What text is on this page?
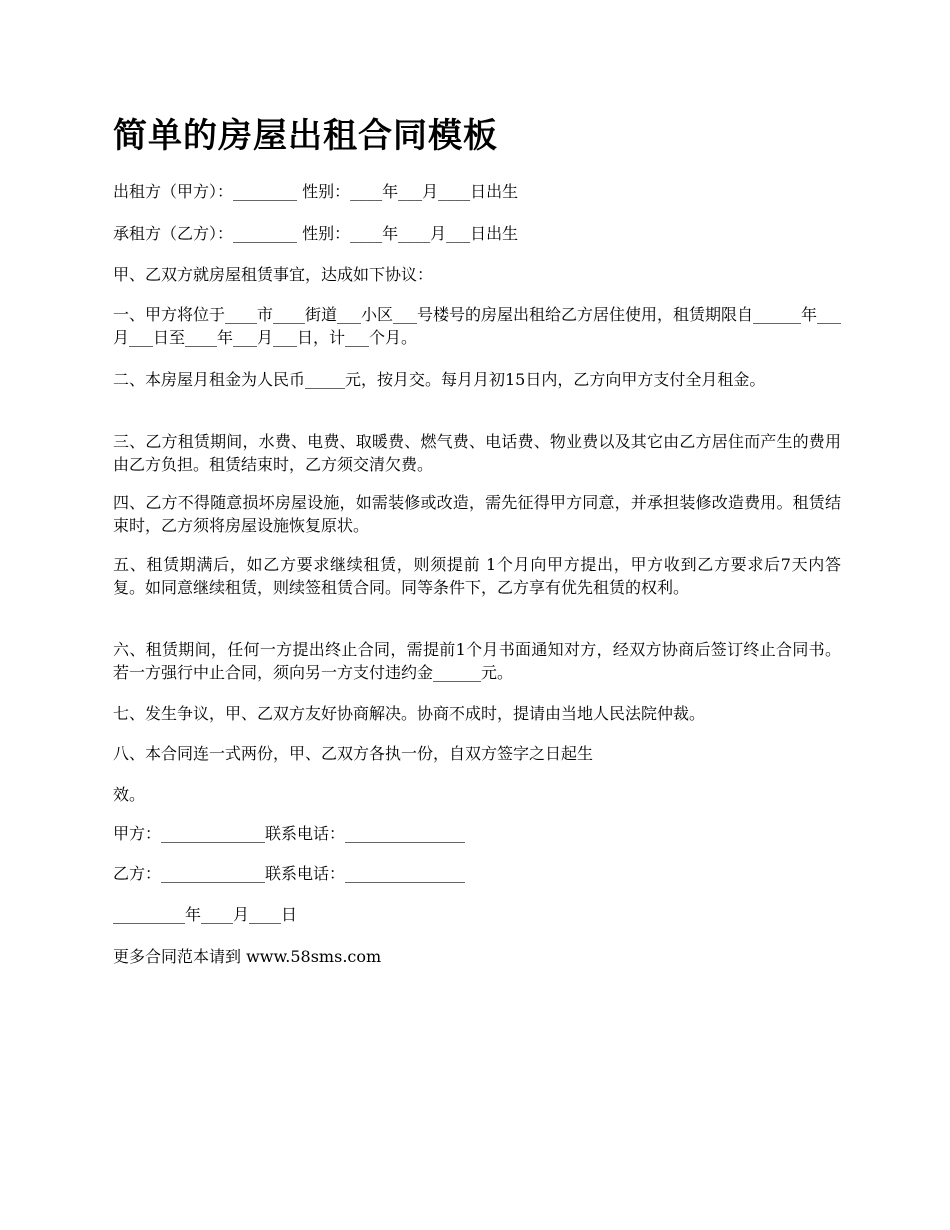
简单的房屋出租合同模板

出租方（甲方）：________ 性别：____年___月____日出生

承租方（乙方）：________ 性别：____年____月___日出生

甲、乙双方就房屋租赁事宜，达成如下协议：

一、甲方将位于____市____街道___小区___号楼号的房屋出租给乙方居住使用，租赁期限自______年___月___日至____年___月___日，计___个月。

二、本房屋月租金为人民币_____元，按月交。每月月初15日内，乙方向甲方支付全月租金。

三、乙方租赁期间，水费、电费、取暖费、燃气费、电话费、物业费以及其它由乙方居住而产生的费用由乙方负担。租赁结束时，乙方须交清欠费。

四、乙方不得随意损坏房屋设施，如需装修或改造，需先征得甲方同意，并承担装修改造费用。租赁结束时，乙方须将房屋设施恢复原状。

五、租赁期满后，如乙方要求继续租赁，则须提前 1个月向甲方提出，甲方收到乙方要求后7天内答复。如同意继续租赁，则续签租赁合同。同等条件下，乙方享有优先租赁的权利。

六、租赁期间，任何一方提出终止合同，需提前1个月书面通知对方，经双方协商后签订终止合同书。若一方强行中止合同，须向另一方支付违约金______元。

七、发生争议，甲、乙双方友好协商解决。协商不成时，提请由当地人民法院仲裁。

八、本合同连一式两份，甲、乙双方各执一份，自双方签字之日起生

效。

甲方：_____________联系电话：_______________

乙方：_____________联系电话：_______________

_________年____月____日

更多合同范本请到 www.58sms.com
